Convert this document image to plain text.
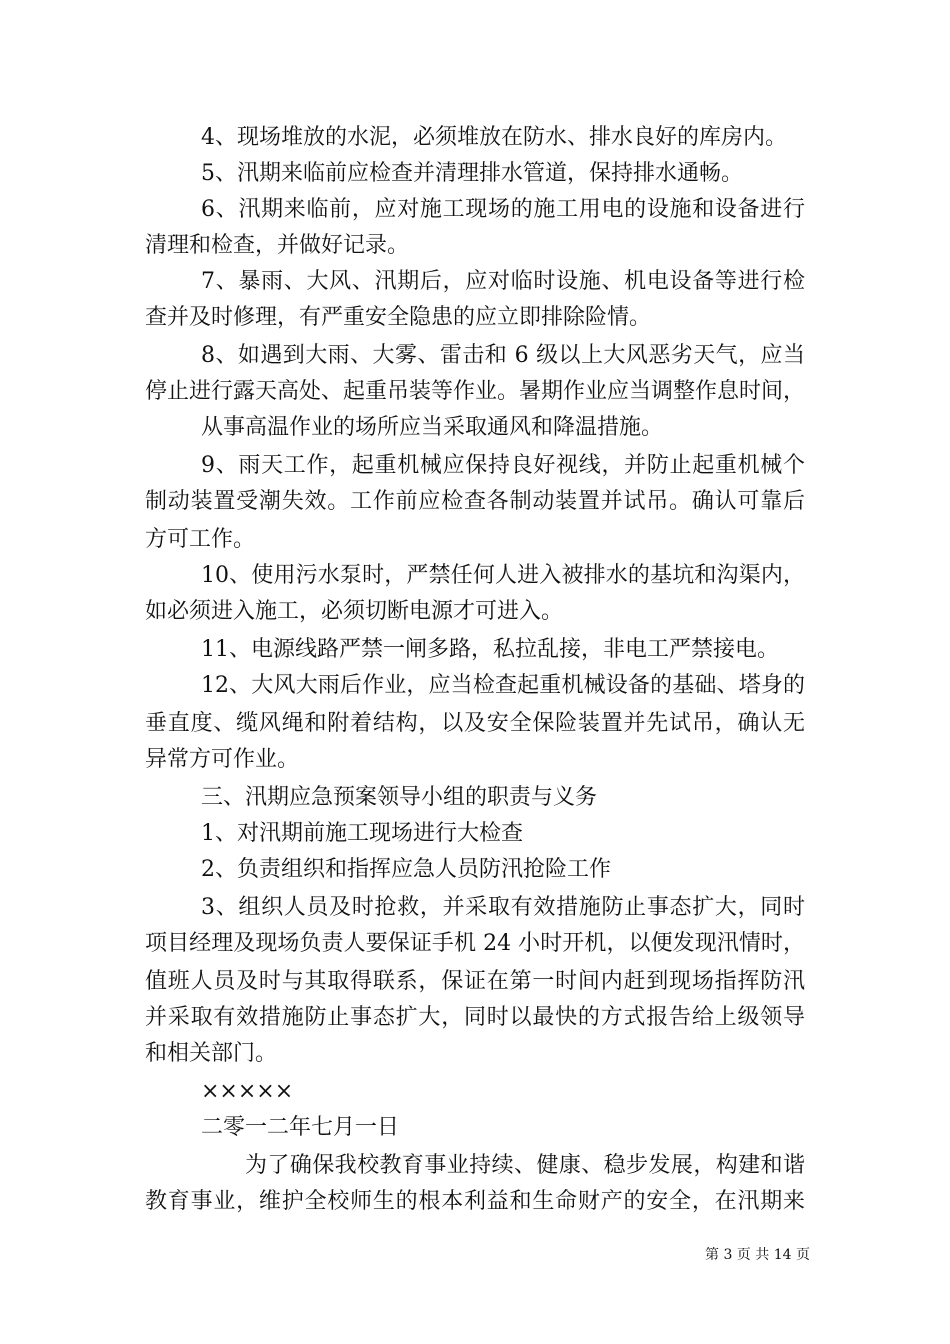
4、现场堆放的水泥，必须堆放在防水、排水良好的库房内。
5、汛期来临前应检查并清理排水管道，保持排水通畅。
6、汛期来临前，应对施工现场的施工用电的设施和设备进行
清理和检查，并做好记录。
7、暴雨、大风、汛期后，应对临时设施、机电设备等进行检
查并及时修理，有严重安全隐患的应立即排除险情。
8、如遇到大雨、大雾、雷击和 6 级以上大风恶劣天气，应当
停止进行露天高处、起重吊装等作业。暑期作业应当调整作息时间，
从事高温作业的场所应当采取通风和降温措施。
9、雨天工作，起重机械应保持良好视线，并防止起重机械个
制动装置受潮失效。工作前应检查各制动装置并试吊。确认可靠后
方可工作。
10、使用污水泵时，严禁任何人进入被排水的基坑和沟渠内，
如必须进入施工，必须切断电源才可进入。
11、电源线路严禁一闸多路，私拉乱接，非电工严禁接电。
12、大风大雨后作业，应当检查起重机械设备的基础、塔身的
垂直度、缆风绳和附着结构，以及安全保险装置并先试吊，确认无
异常方可作业。
三、汛期应急预案领导小组的职责与义务
1、对汛期前施工现场进行大检查
2、负责组织和指挥应急人员防汛抢险工作
3、组织人员及时抢救，并采取有效措施防止事态扩大，同时
项目经理及现场负责人要保证手机 24 小时开机，以便发现汛情时，
值班人员及时与其取得联系，保证在第一时间内赶到现场指挥防汛
并采取有效措施防止事态扩大，同时以最快的方式报告给上级领导
和相关部门。
×××××
二零一二年七月一日
为了确保我校教育事业持续、健康、稳步发展，构建和谐
教育事业，维护全校师生的根本利益和生命财产的安全，在汛期来
第 3 页 共 14 页
